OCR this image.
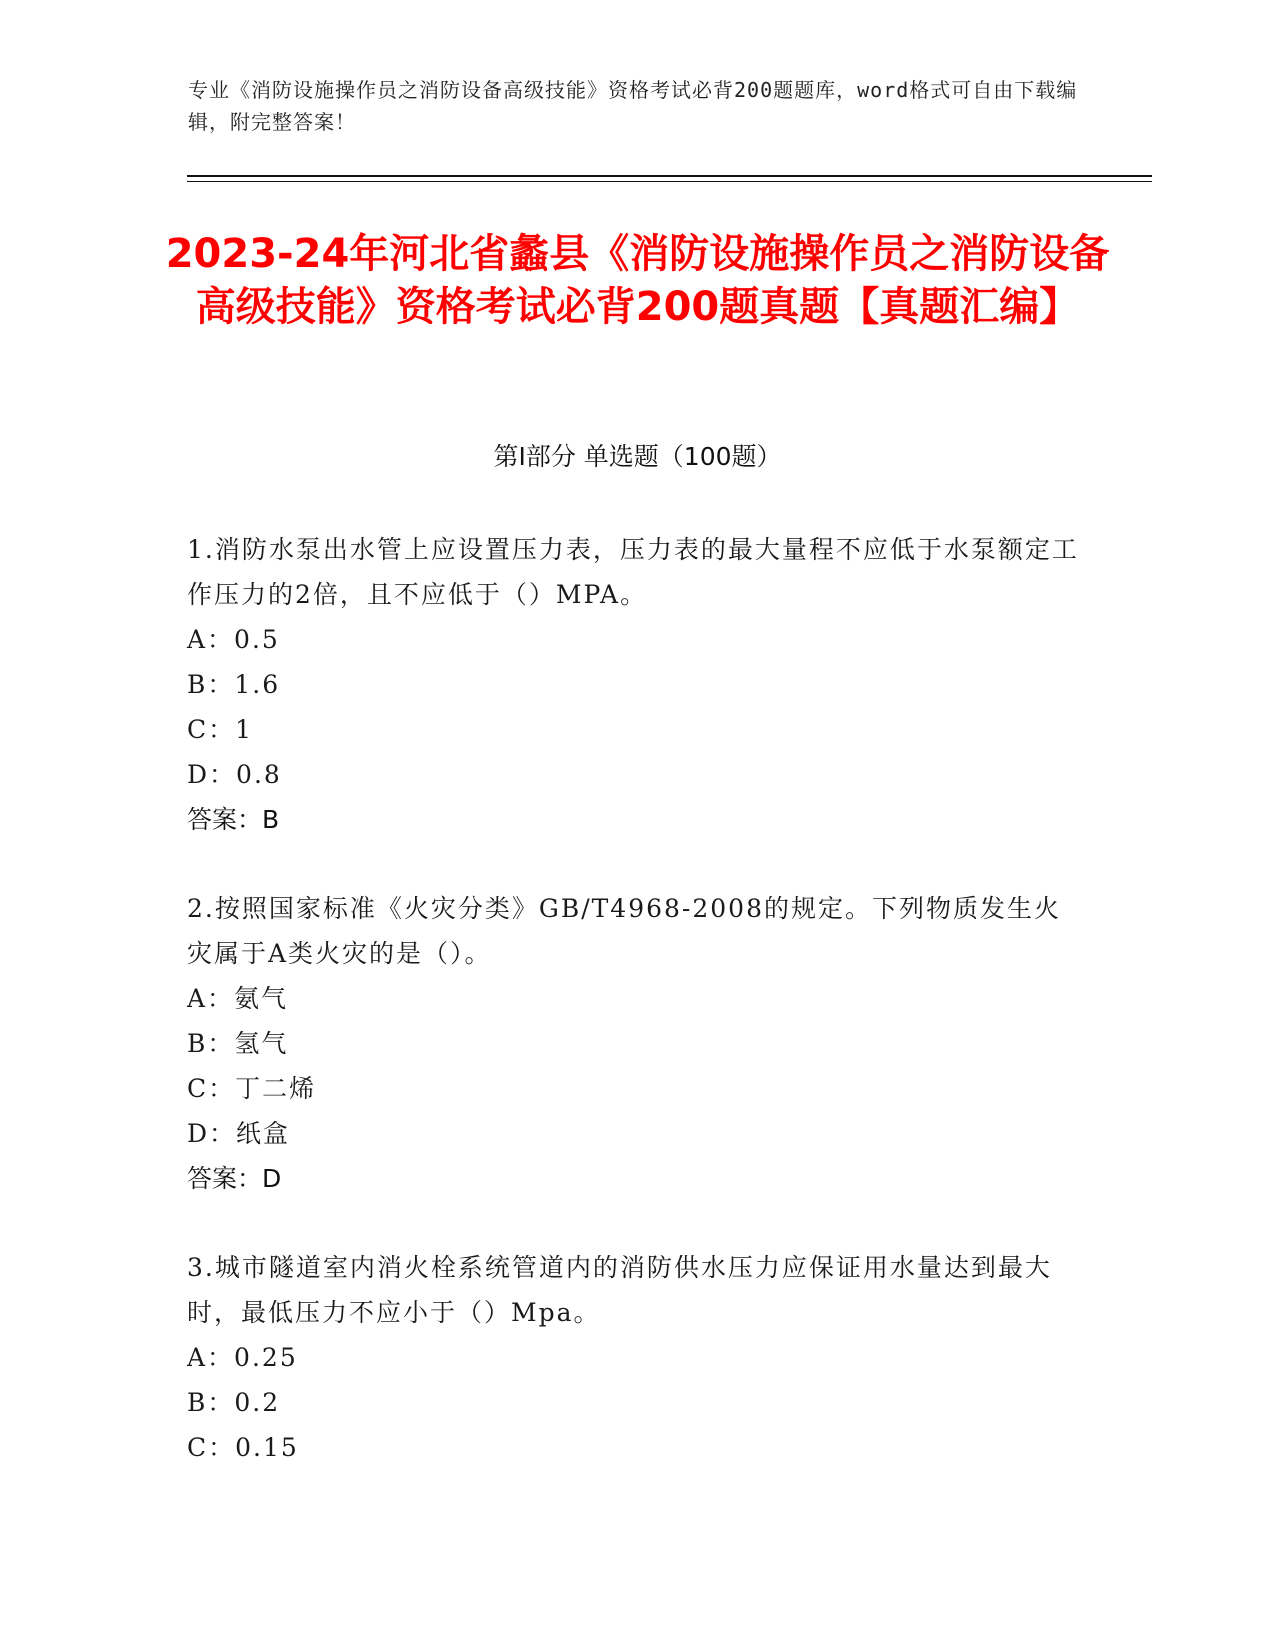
专业《消防设施操作员之消防设备高级技能》资格考试必背200题题库，word格式可自由下载编辑，附完整答案！
2023-24年河北省蠡县《消防设施操作员之消防设备高级技能》资格考试必背200题真题【真题汇编】
第Ⅰ部分 单选题（100题）
1.消防水泵出水管上应设置压力表，压力表的最大量程不应低于水泵额定工作压力的2倍，且不应低于（）MPA。
A：0.5
B：1.6
C：1
D：0.8
答案：B
2.按照国家标准《火灾分类》GB/T4968-2008的规定。下列物质发生火灾属于A类火灾的是（）。
A：氨气
B：氢气
C：丁二烯
D：纸盒
答案：D
3.城市隧道室内消火栓系统管道内的消防供水压力应保证用水量达到最大时，最低压力不应小于（）Mpa。
A：0.25
B：0.2
C：0.15
